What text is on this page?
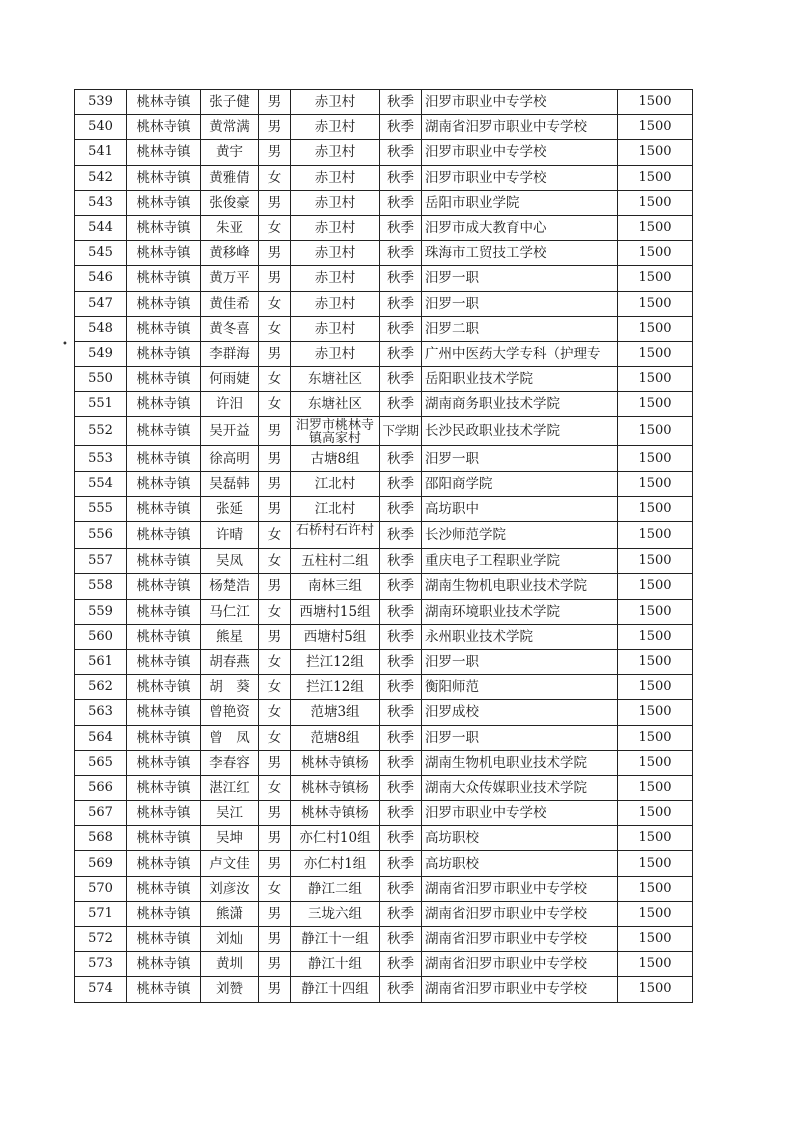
•
539	桃林寺镇	张子健	男	赤卫村	秋季	汨罗市职业中专学校	1500
540	桃林寺镇	黄常满	男	赤卫村	秋季	湖南省汨罗市职业中专学校	1500
541	桃林寺镇	黄宇	男	赤卫村	秋季	汨罗市职业中专学校	1500
542	桃林寺镇	黄雅倩	女	赤卫村	秋季	汨罗市职业中专学校	1500
543	桃林寺镇	张俊豪	男	赤卫村	秋季	岳阳市职业学院	1500
544	桃林寺镇	朱亚	女	赤卫村	秋季	汨罗市成大教育中心	1500
545	桃林寺镇	黄移峰	男	赤卫村	秋季	珠海市工贸技工学校	1500
546	桃林寺镇	黄万平	男	赤卫村	秋季	汨罗一职	1500
547	桃林寺镇	黄佳希	女	赤卫村	秋季	汨罗一职	1500
548	桃林寺镇	黄冬喜	女	赤卫村	秋季	汨罗二职	1500
549	桃林寺镇	李群海	男	赤卫村	秋季	广州中医药大学专科（护理专	1500
550	桃林寺镇	何雨婕	女	东塘社区	秋季	岳阳职业技术学院	1500
551	桃林寺镇	许汨	女	东塘社区	秋季	湖南商务职业技术学院	1500
552	桃林寺镇	吴开益	男	汨罗市桃林寺镇高家村	下学期	长沙民政职业技术学院	1500
553	桃林寺镇	徐高明	男	古塘8组	秋季	汨罗一职	1500
554	桃林寺镇	吴磊韩	男	江北村	秋季	邵阳商学院	1500
555	桃林寺镇	张延	男	江北村	秋季	高坊职中	1500
556	桃林寺镇	许晴	女	石桥村石许村	秋季	长沙师范学院	1500
557	桃林寺镇	吴凤	女	五柱村二组	秋季	重庆电子工程职业学院	1500
558	桃林寺镇	杨楚浩	男	南林三组	秋季	湖南生物机电职业技术学院	1500
559	桃林寺镇	马仁江	女	西塘村15组	秋季	湖南环境职业技术学院	1500
560	桃林寺镇	熊星	男	西塘村5组	秋季	永州职业技术学院	1500
561	桃林寺镇	胡春燕	女	拦江12组	秋季	汨罗一职	1500
562	桃林寺镇	胡　葵	女	拦江12组	秋季	衡阳师范	1500
563	桃林寺镇	曾艳资	女	范塘3组	秋季	汨罗成校	1500
564	桃林寺镇	曾　凤	女	范塘8组	秋季	汨罗一职	1500
565	桃林寺镇	李春容	男	桃林寺镇杨	秋季	湖南生物机电职业技术学院	1500
566	桃林寺镇	湛江红	女	桃林寺镇杨	秋季	湖南大众传媒职业技术学院	1500
567	桃林寺镇	吴江	男	桃林寺镇杨	秋季	汨罗市职业中专学校	1500
568	桃林寺镇	吴坤	男	亦仁村10组	秋季	高坊职校	1500
569	桃林寺镇	卢文佳	男	亦仁村1组	秋季	高坊职校	1500
570	桃林寺镇	刘彦汝	女	静江二组	秋季	湖南省汨罗市职业中专学校	1500
571	桃林寺镇	熊潇	男	三垅六组	秋季	湖南省汨罗市职业中专学校	1500
572	桃林寺镇	刘灿	男	静江十一组	秋季	湖南省汨罗市职业中专学校	1500
573	桃林寺镇	黄圳	男	静江十组	秋季	湖南省汨罗市职业中专学校	1500
574	桃林寺镇	刘赞	男	静江十四组	秋季	湖南省汨罗市职业中专学校	1500
